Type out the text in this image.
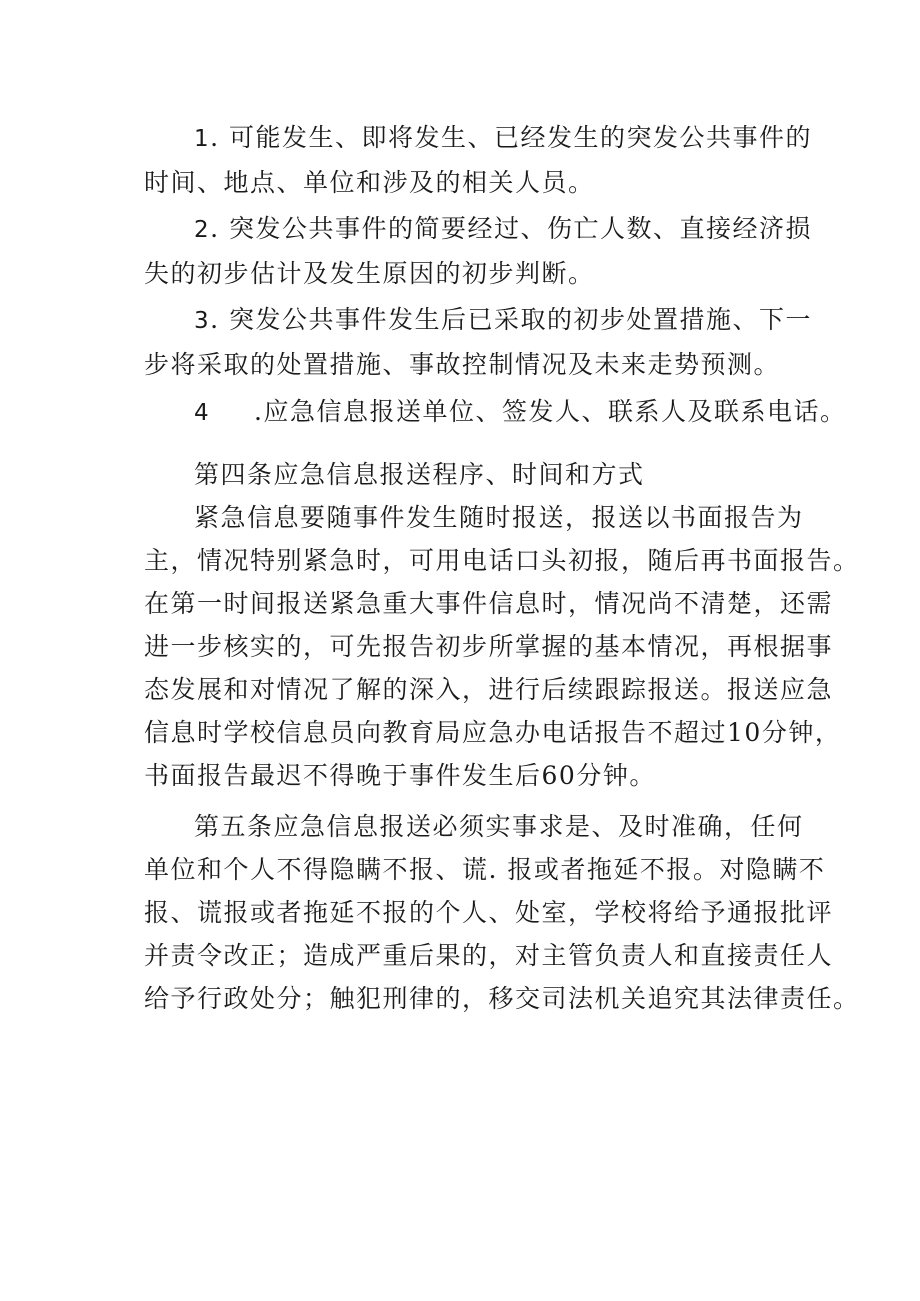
1. 可能发生、即将发生、已经发生的突发公共事件的
时间、地点、单位和涉及的相关人员。
2. 突发公共事件的简要经过、伤亡人数、直接经济损
失的初步估计及发生原因的初步判断。
3. 突发公共事件发生后已采取的初步处置措施、下一
步将采取的处置措施、事故控制情况及未来走势预测。
4 .应急信息报送单位、签发人、联系人及联系电话。
第四条应急信息报送程序、时间和方式
紧急信息要随事件发生随时报送，报送以书面报告为
主，情况特别紧急时，可用电话口头初报，随后再书面报告。
在第一时间报送紧急重大事件信息时，情况尚不清楚，还需
进一步核实的，可先报告初步所掌握的基本情况，再根据事
态发展和对情况了解的深入，进行后续跟踪报送。报送应急
信息时学校信息员向教育局应急办电话报告不超过10分钟，
书面报告最迟不得晚于事件发生后60分钟。
第五条应急信息报送必须实事求是、及时准确，任何
单位和个人不得隐瞒不报、谎. 报或者拖延不报。对隐瞒不
报、谎报或者拖延不报的个人、处室，学校将给予通报批评
并责令改正；造成严重后果的，对主管负责人和直接责任人
给予行政处分；触犯刑律的，移交司法机关追究其法律责任。
